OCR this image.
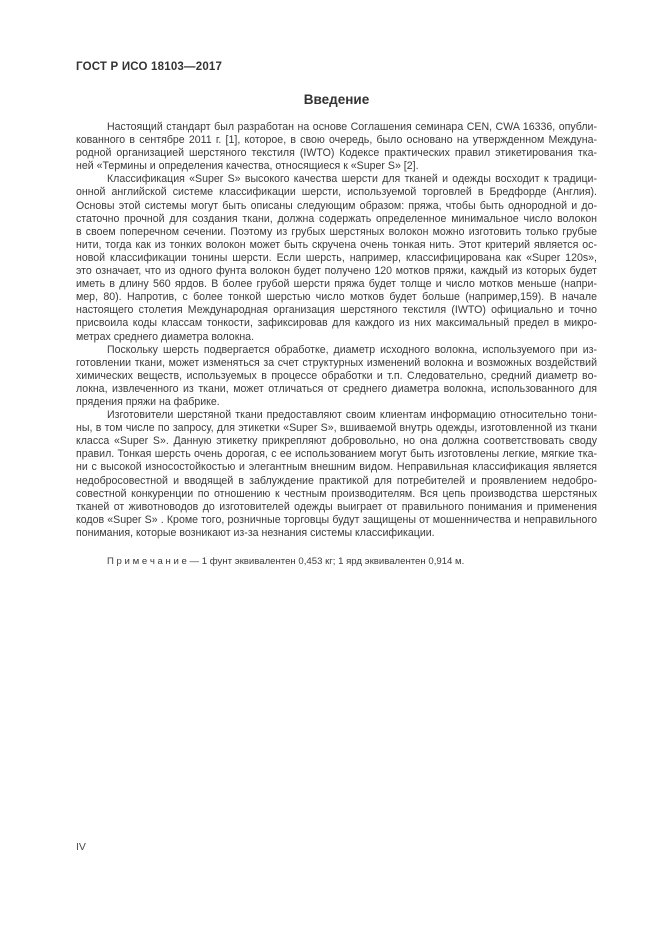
ГОСТ Р ИСО 18103—2017
Введение
Настоящий стандарт был разработан на основе Соглашения семинара CEN, CWA 16336, опубли-
кованного в сентябре 2011 г. [1], которое, в свою очередь, было основано на утвержденном Междуна-
родной организацией шерстяного текстиля (IWTO) Кодексе практических правил этикетирования тка-
ней «Термины и определения качества, относящиеся к «Super S» [2].
Классификация «Super S» высокого качества шерсти для тканей и одежды восходит к традици-
онной английской системе классификации шерсти, используемой торговлей в Бредфорде (Англия).
Основы этой системы могут быть описаны следующим образом: пряжа, чтобы быть однородной и до-
статочно прочной для создания ткани, должна содержать определенное минимальное число волокон
в своем поперечном сечении. Поэтому из грубых шерстяных волокон можно изготовить только грубые
нити, тогда как из тонких волокон может быть скручена очень тонкая нить. Этот критерий является ос-
новой классификации тонины шерсти. Если шерсть, например, классифицирована как «Super 120s»,
это означает, что из одного фунта волокон будет получено 120 мотков пряжи, каждый из которых будет
иметь в длину 560 ярдов. В более грубой шерсти пряжа будет толще и число мотков меньше (напри-
мер, 80). Напротив, с более тонкой шерстью число мотков будет больше (например,159). В начале
настоящего столетия Международная организация шерстяного текстиля (IWTO) официально и точно
присвоила коды классам тонкости, зафиксировав для каждого из них максимальный предел в микро-
метрах среднего диаметра волокна.
Поскольку шерсть подвергается обработке, диаметр исходного волокна, используемого при из-
готовлении ткани, может изменяться за счет структурных изменений волокна и возможных воздействий
химических веществ, используемых в процессе обработки и т.п. Следовательно, средний диаметр во-
локна, извлеченного из ткани, может отличаться от среднего диаметра волокна, использованного для
прядения пряжи на фабрике.
Изготовители шерстяной ткани предоставляют своим клиентам информацию относительно тони-
ны, в том числе по запросу, для этикетки «Super S», вшиваемой внутрь одежды, изготовленной из ткани
класса «Super S». Данную этикетку прикрепляют добровольно, но она должна соответствовать своду
правил. Тонкая шерсть очень дорогая, с ее использованием могут быть изготовлены легкие, мягкие тка-
ни с высокой износостойкостью и элегантным внешним видом. Неправильная классификация является
недобросовестной и вводящей в заблуждение практикой для потребителей и проявлением недобро-
совестной конкуренции по отношению к честным производителям. Вся цепь производства шерстяных
тканей от животноводов до изготовителей одежды выиграет от правильного понимания и применения
кодов «Super S» . Кроме того, розничные торговцы будут защищены от мошенничества и неправильного
понимания, которые возникают из-за незнания системы классификации.
П р и м е ч а н и е — 1 фунт эквивалентен 0,453 кг; 1 ярд эквивалентен 0,914 м.
IV
